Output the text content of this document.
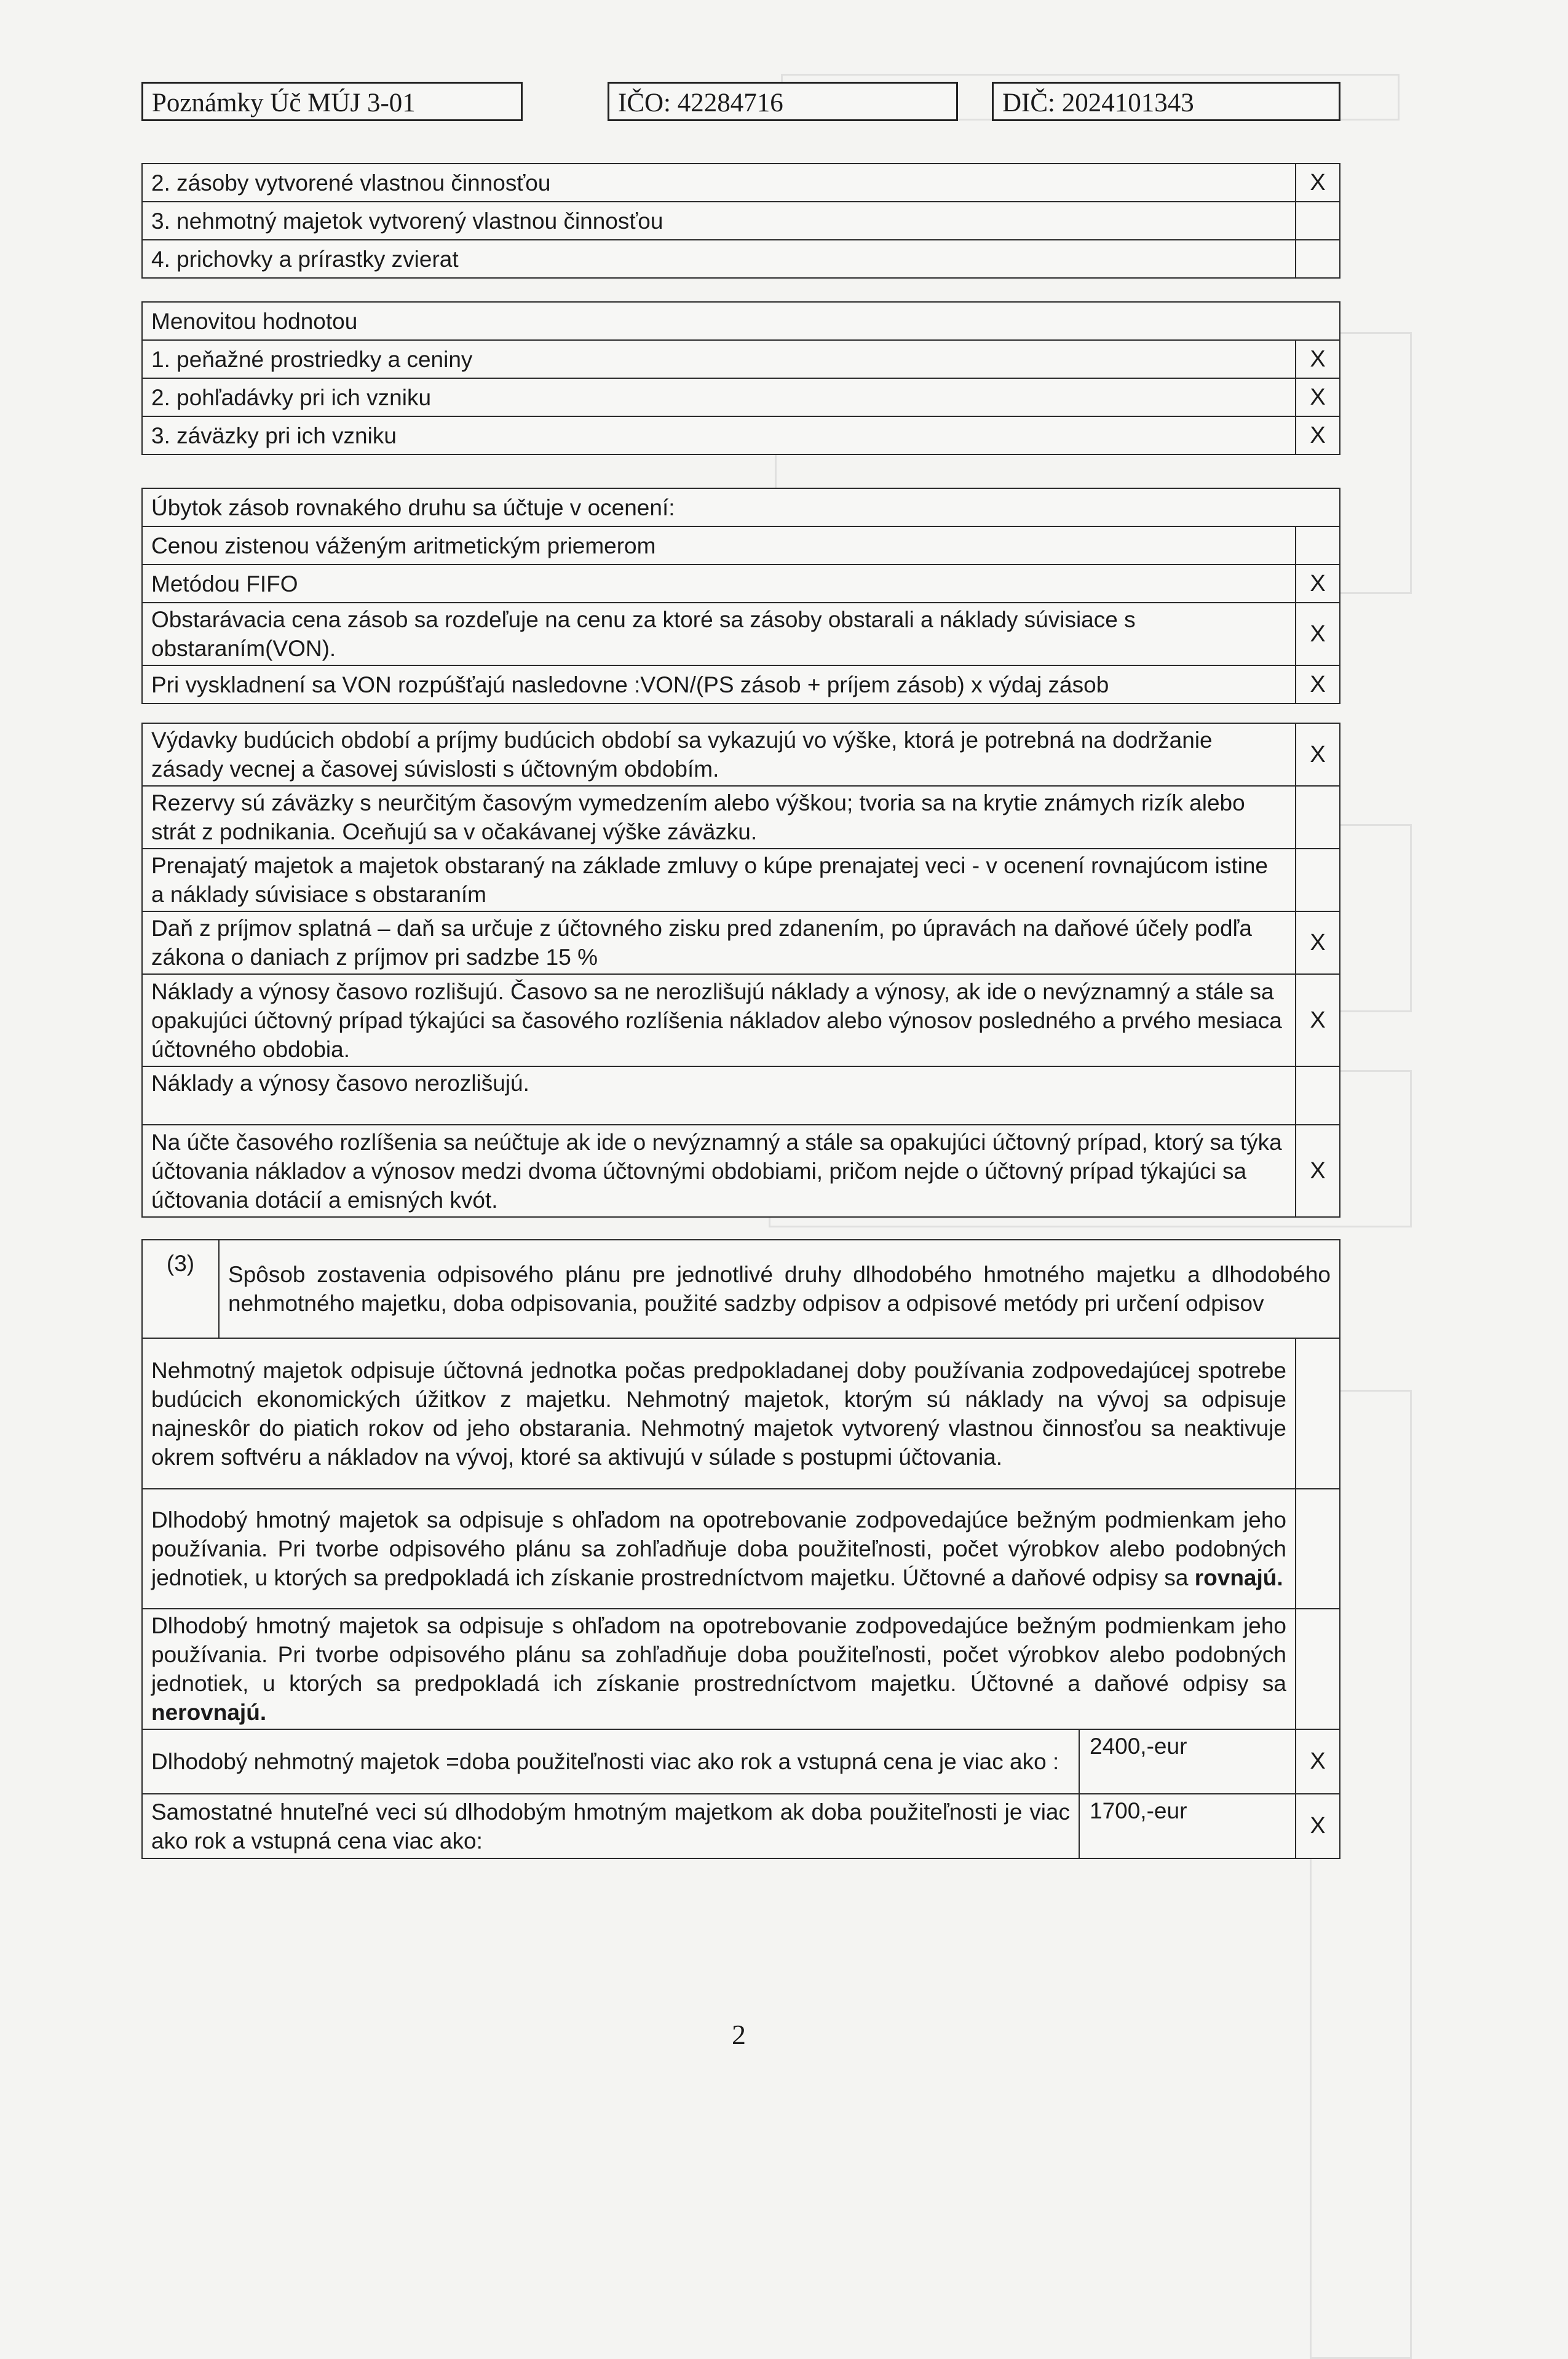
Poznámky Úč MÚJ 3-01	IČO: 42284716	DIČ: 2024101343
2. zásoby vytvorené vlastnou činnosťou	X
3. nehmotný majetok vytvorený vlastnou činnosťou	
4. prichovky a prírastky zvierat	
Menovitou hodnotou	
1. peňažné prostriedky a ceniny	X
2. pohľadávky pri ich vzniku	X
3. záväzky pri ich vzniku	X
Úbytok zásob rovnakého druhu sa účtuje v ocenení:	
Cenou zistenou váženým aritmetickým priemerom	
Metódou FIFO	X
Obstarávacia cena zásob sa rozdeľuje na cenu za ktoré sa zásoby obstarali a náklady súvisiace s obstaraním(VON).	X
Pri vyskladnení sa VON rozpúšťajú nasledovne :VON/(PS zásob + príjem zásob) x výdaj zásob	X
Výdavky budúcich období a príjmy budúcich období sa vykazujú vo výške, ktorá je potrebná na dodržanie zásady vecnej a časovej súvislosti s účtovným obdobím.	X
Rezervy sú záväzky s neurčitým časovým vymedzením alebo výškou; tvoria sa na krytie známych rizík alebo strát z podnikania. Oceňujú sa v očakávanej výške záväzku.	
Prenajatý majetok a majetok obstaraný na základe zmluvy o kúpe prenajatej veci - v ocenení rovnajúcom istine a náklady súvisiace s obstaraním	
Daň z príjmov splatná – daň sa určuje z účtovného zisku pred zdanením, po úpravách na daňové účely podľa zákona o daniach z príjmov pri sadzbe 15 %	X
Náklady a výnosy časovo rozlišujú. Časovo sa ne nerozlišujú náklady a výnosy, ak ide o nevýznamný a stále sa opakujúci účtovný prípad týkajúci sa časového rozlíšenia nákladov alebo výnosov posledného a prvého mesiaca účtovného obdobia.	X
Náklady a výnosy časovo nerozlišujú.	
Na účte časového rozlíšenia sa neúčtuje ak ide o nevýznamný a stále sa opakujúci účtovný prípad, ktorý sa týka účtovania nákladov a výnosov medzi dvoma účtovnými obdobiami, pričom nejde o účtovný prípad týkajúci sa účtovania dotácií a emisných kvót.	X
(3)	Spôsob zostavenia odpisového plánu pre jednotlivé druhy dlhodobého hmotného majetku a dlhodobého nehmotného majetku, doba odpisovania, použité sadzby odpisov a odpisové metódy pri určení odpisov		
Nehmotný majetok odpisuje účtovná jednotka počas predpokladanej doby používania zodpovedajúcej spotrebe budúcich ekonomických úžitkov z majetku. Nehmotný majetok, ktorým sú náklady na vývoj sa odpisuje najneskôr do piatich rokov od jeho obstarania. Nehmotný majetok vytvorený vlastnou činnosťou sa neaktivuje okrem softvéru a nákladov na vývoj, ktoré sa aktivujú v súlade s postupmi účtovania.			
Dlhodobý hmotný majetok sa odpisuje s ohľadom na opotrebovanie zodpovedajúce bežným podmienkam jeho používania. Pri tvorbe odpisového plánu sa zohľadňuje doba použiteľnosti, počet výrobkov alebo podobných jednotiek, u ktorých sa predpokladá ich získanie prostredníctvom majetku. Účtovné a daňové odpisy sa rovnajú.			
Dlhodobý hmotný majetok sa odpisuje s ohľadom na opotrebovanie zodpovedajúce bežným podmienkam jeho používania. Pri tvorbe odpisového plánu sa zohľadňuje doba použiteľnosti, počet výrobkov alebo podobných jednotiek, u ktorých sa predpokladá ich získanie prostredníctvom majetku. Účtovné a daňové odpisy sa nerovnajú.			
Dlhodobý nehmotný majetok =doba použiteľnosti viac ako rok a vstupná cena je viac ako :		2400,-eur	X
Samostatné hnuteľné veci sú dlhodobým hmotným majetkom ak doba použiteľnosti je viac ako rok a vstupná cena viac ako:		1700,-eur	X
2
